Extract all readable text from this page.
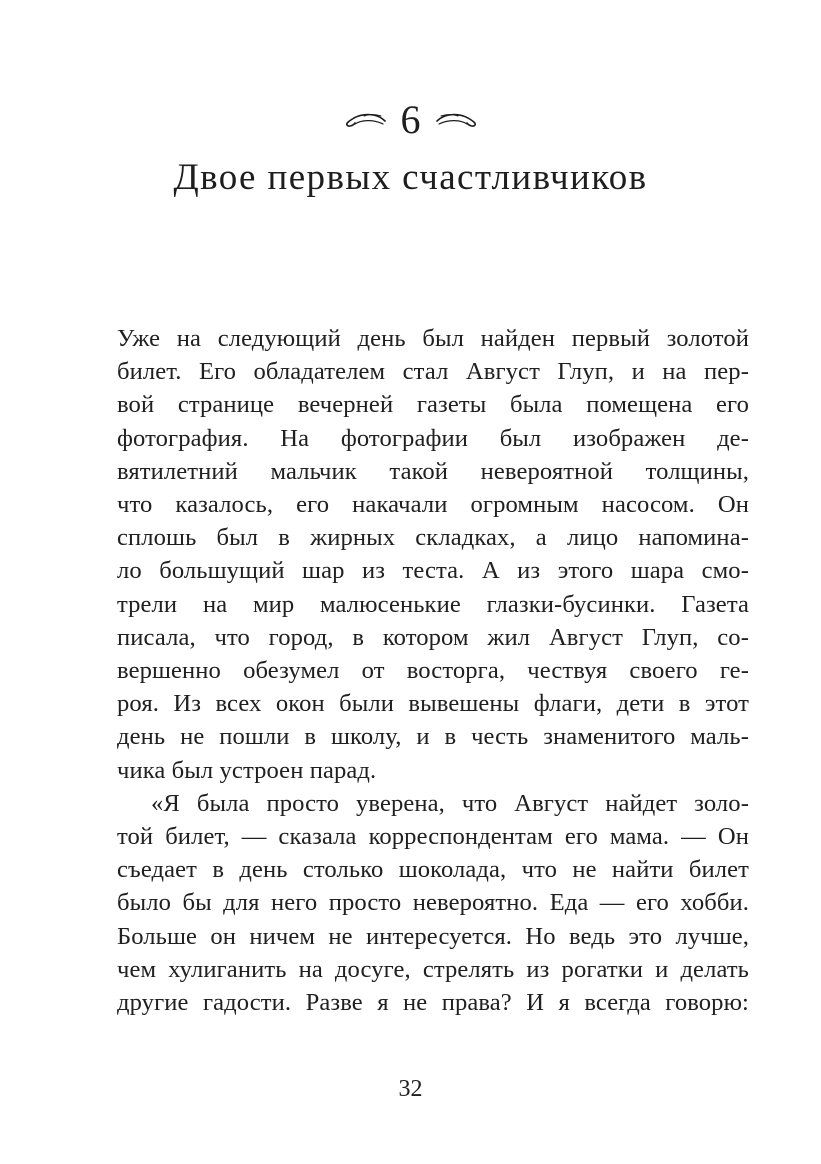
6
Двое первых счастливчиков
Уже на следующий день был найден первый золотой
билет. Его обладателем стал Август Глуп, и на пер-
вой странице вечерней газеты была помещена его
фотография. На фотографии был изображен де-
вятилетний мальчик такой невероятной толщины,
что казалось, его накачали огромным насосом. Он
сплошь был в жирных складках, а лицо напомина-
ло большущий шар из теста. А из этого шара смо-
трели на мир малюсенькие глазки-бусинки. Газета
писала, что город, в котором жил Август Глуп, со-
вершенно обезумел от восторга, чествуя своего ге-
роя. Из всех окон были вывешены флаги, дети в этот
день не пошли в школу, и в честь знаменитого маль-
чика был устроен парад.
«Я была просто уверена, что Август найдет золо-
той билет, — сказала корреспондентам его мама. — Он
съедает в день столько шоколада, что не найти билет
было бы для него просто невероятно. Еда — его хобби.
Больше он ничем не интересуется. Но ведь это лучше,
чем хулиганить на досуге, стрелять из рогатки и делать
другие гадости. Разве я не права? И я всегда говорю:
32
